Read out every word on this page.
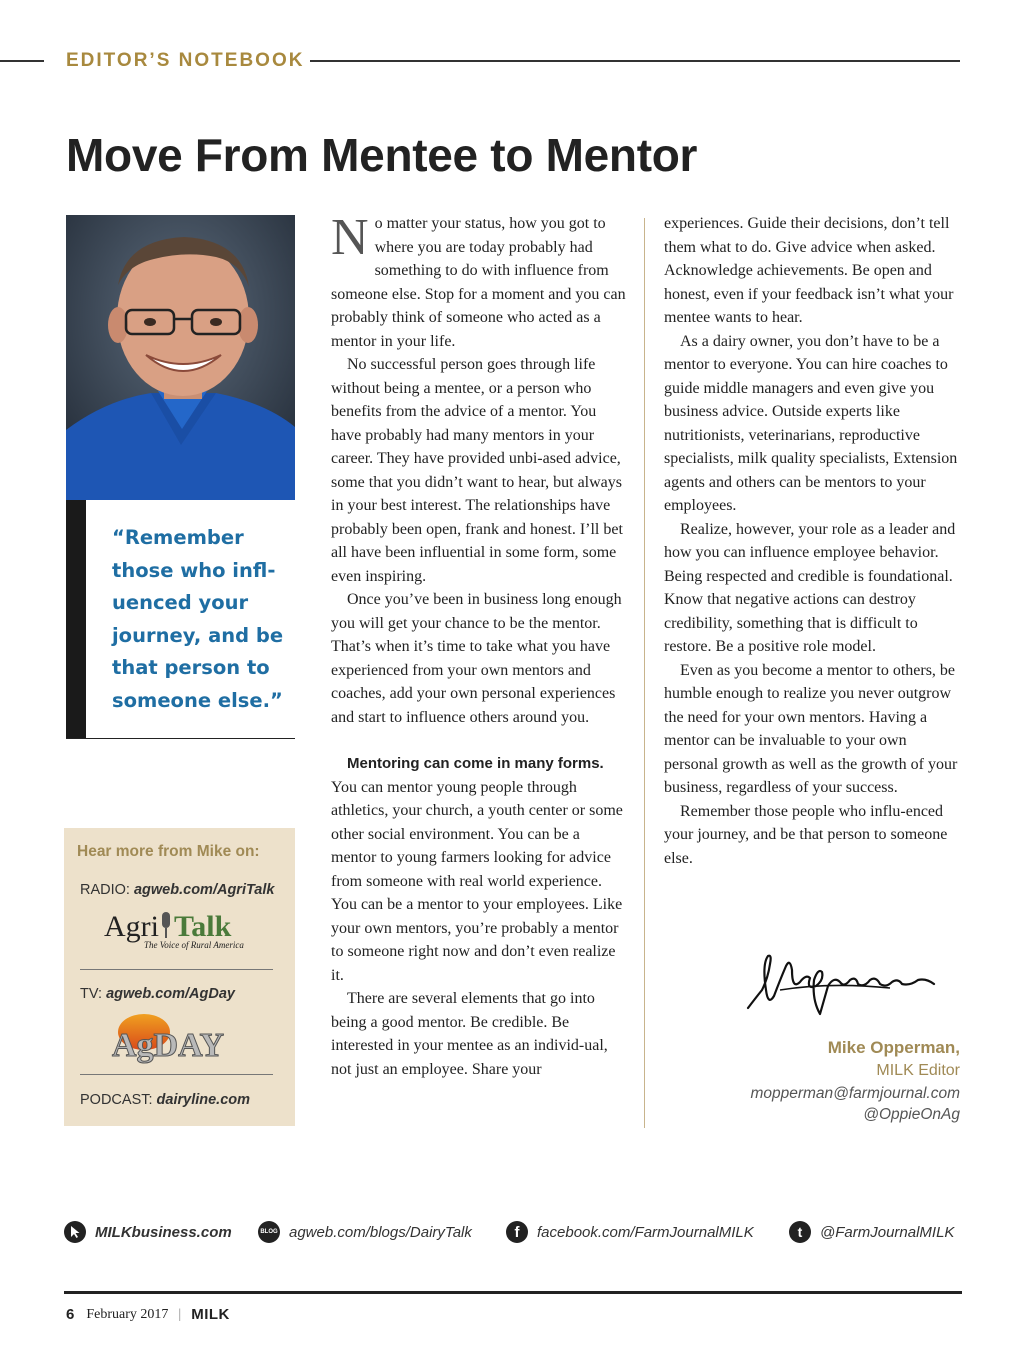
EDITOR’S NOTEBOOK
Move From Mentee to Mentor

“Remember those who infl-uenced your journey, and be that person to someone else.”

Hear more from Mike on:
RADIO: agweb.com/AgriTalk
Agri Talk
The Voice of Rural America
TV: agweb.com/AgDay
AgDAY
PODCAST: dairyline.com

No matter your status, how you got to where you are today probably had something to do with influence from someone else. Stop for a moment and you can probably think of someone who acted as a mentor in your life.

No successful person goes through life without being a mentee, or a person who benefits from the advice of a mentor. You have probably had many mentors in your career. They have provided unbi-ased advice, some that you didn’t want to hear, but always in your best interest. The relationships have probably been open, frank and honest. I’ll bet all have been influential in some form, some even inspiring.

Once you’ve been in business long enough you will get your chance to be the mentor. That’s when it’s time to take what you have experienced from your own mentors and coaches, add your own personal experiences and start to influence others around you.

Mentoring can come in many forms.

You can mentor young people through athletics, your church, a youth center or some other social environment. You can be a mentor to young farmers looking for advice from someone with real world experience. You can be a mentor to your employees. Like your own mentors, you’re probably a mentor to someone right now and don’t even realize it.

There are several elements that go into being a good mentor. Be credible. Be interested in your mentee as an individ-ual, not just an employee. Share your

experiences. Guide their decisions, don’t tell them what to do. Give advice when asked. Acknowledge achievements. Be open and honest, even if your feedback isn’t what your mentee wants to hear.

As a dairy owner, you don’t have to be a mentor to everyone. You can hire coaches to guide middle managers and even give you business advice. Outside experts like nutritionists, veterinarians, reproductive specialists, milk quality specialists, Extension agents and others can be mentors to your employees.

Realize, however, your role as a leader and how you can influence employee behavior. Being respected and credible is foundational. Know that negative actions can destroy credibility, something that is difficult to restore. Be a positive role model.

Even as you become a mentor to others, be humble enough to realize you never outgrow the need for your own mentors. Having a mentor can be invaluable to your own personal growth as well as the growth of your business, regardless of your success.

Remember those people who influ-enced your journey, and be that person to someone else.

Mike Opperman,
MILK Editor
mopperman@farmjournal.com
@OppieOnAg
MILKbusiness.com	BLOG agweb.com/blogs/DairyTalk	f	facebook.com/FarmJournalMILK	t	@FarmJournalMILK
6 February 2017 | MILK
